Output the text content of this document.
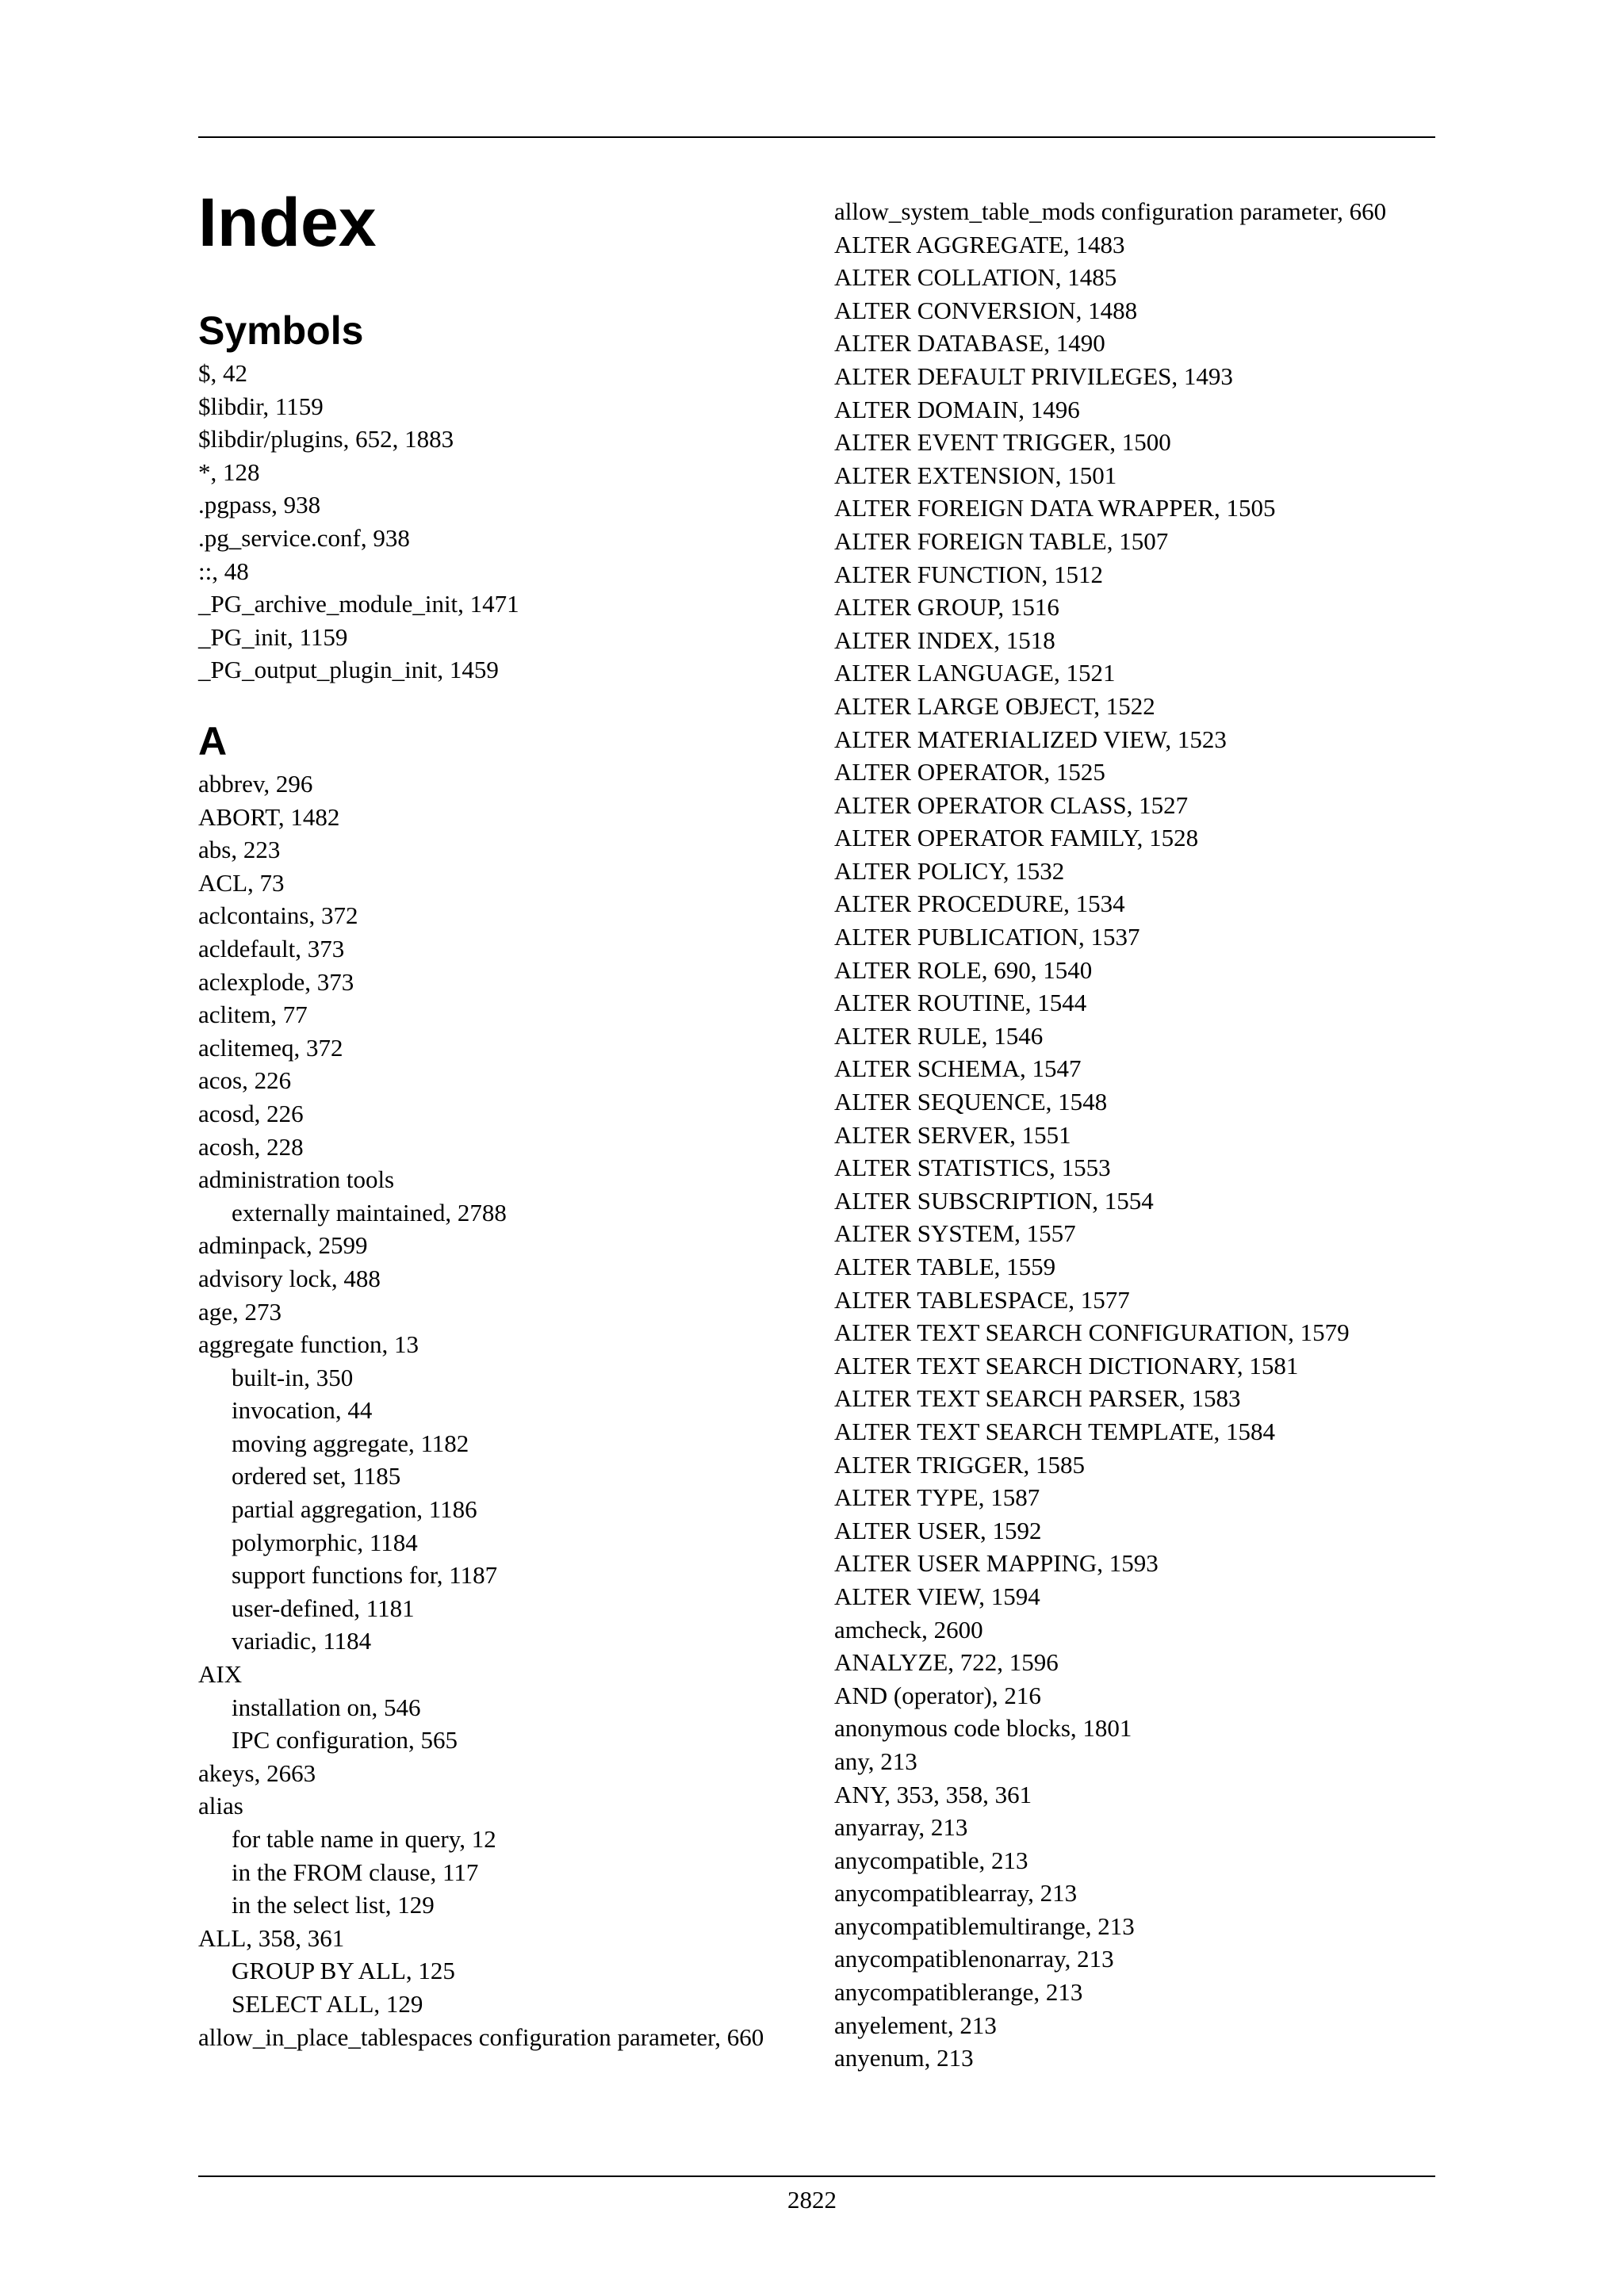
Index
Symbols
$, 42
$libdir, 1159
$libdir/plugins, 652, 1883
*, 128
.pgpass, 938
.pg_service.conf, 938
::, 48
_PG_archive_module_init, 1471
_PG_init, 1159
_PG_output_plugin_init, 1459
A
abbrev, 296
ABORT, 1482
abs, 223
ACL, 73
aclcontains, 372
acldefault, 373
aclexplode, 373
aclitem, 77
aclitemeq, 372
acos, 226
acosd, 226
acosh, 228
administration tools
externally maintained, 2788
adminpack, 2599
advisory lock, 488
age, 273
aggregate function, 13
built-in, 350
invocation, 44
moving aggregate, 1182
ordered set, 1185
partial aggregation, 1186
polymorphic, 1184
support functions for, 1187
user-defined, 1181
variadic, 1184
AIX
installation on, 546
IPC configuration, 565
akeys, 2663
alias
for table name in query, 12
in the FROM clause, 117
in the select list, 129
ALL, 358, 361
GROUP BY ALL, 125
SELECT ALL, 129
allow_in_place_tablespaces configuration parameter, 660
allow_system_table_mods configuration parameter, 660
ALTER AGGREGATE, 1483
ALTER COLLATION, 1485
ALTER CONVERSION, 1488
ALTER DATABASE, 1490
ALTER DEFAULT PRIVILEGES, 1493
ALTER DOMAIN, 1496
ALTER EVENT TRIGGER, 1500
ALTER EXTENSION, 1501
ALTER FOREIGN DATA WRAPPER, 1505
ALTER FOREIGN TABLE, 1507
ALTER FUNCTION, 1512
ALTER GROUP, 1516
ALTER INDEX, 1518
ALTER LANGUAGE, 1521
ALTER LARGE OBJECT, 1522
ALTER MATERIALIZED VIEW, 1523
ALTER OPERATOR, 1525
ALTER OPERATOR CLASS, 1527
ALTER OPERATOR FAMILY, 1528
ALTER POLICY, 1532
ALTER PROCEDURE, 1534
ALTER PUBLICATION, 1537
ALTER ROLE, 690, 1540
ALTER ROUTINE, 1544
ALTER RULE, 1546
ALTER SCHEMA, 1547
ALTER SEQUENCE, 1548
ALTER SERVER, 1551
ALTER STATISTICS, 1553
ALTER SUBSCRIPTION, 1554
ALTER SYSTEM, 1557
ALTER TABLE, 1559
ALTER TABLESPACE, 1577
ALTER TEXT SEARCH CONFIGURATION, 1579
ALTER TEXT SEARCH DICTIONARY, 1581
ALTER TEXT SEARCH PARSER, 1583
ALTER TEXT SEARCH TEMPLATE, 1584
ALTER TRIGGER, 1585
ALTER TYPE, 1587
ALTER USER, 1592
ALTER USER MAPPING, 1593
ALTER VIEW, 1594
amcheck, 2600
ANALYZE, 722, 1596
AND (operator), 216
anonymous code blocks, 1801
any, 213
ANY, 353, 358, 361
anyarray, 213
anycompatible, 213
anycompatiblearray, 213
anycompatiblemultirange, 213
anycompatiblenonarray, 213
anycompatiblerange, 213
anyelement, 213
anyenum, 213
2822
